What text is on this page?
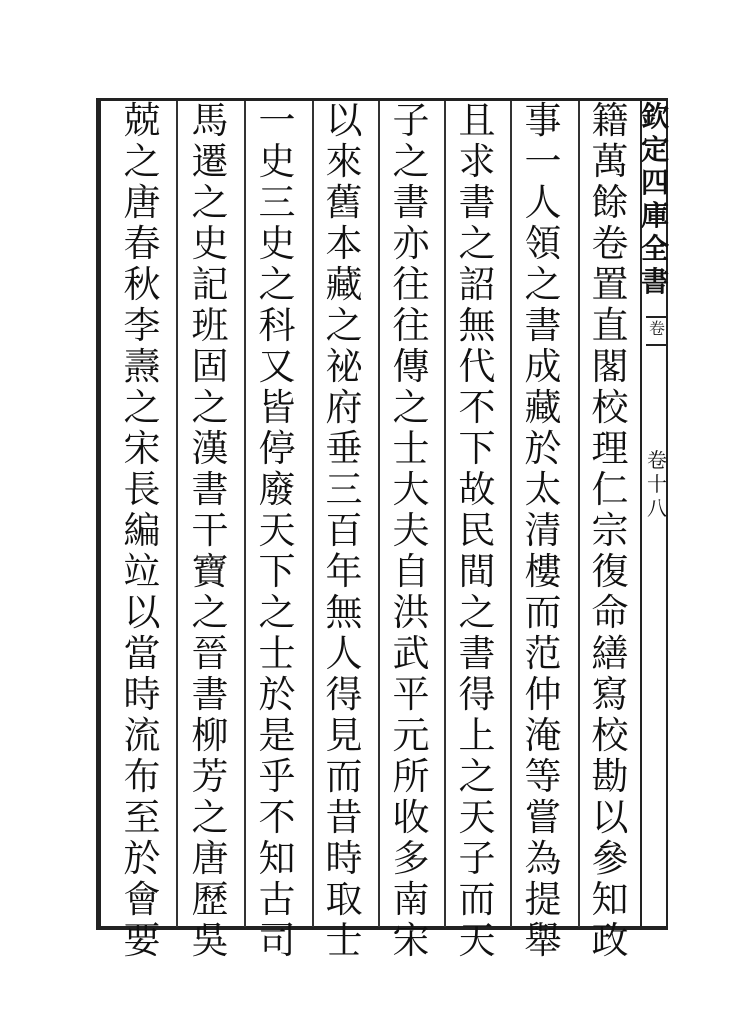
欽
定
四
庫
全
書
卷
卷
十
八
籍
萬
餘
卷
置
直
閣
校
理
仁
宗
復
命
繕
寫
校
勘
以
參
知
政
事
一
人
領
之
書
成
藏
於
太
清
樓
而
范
仲
淹
等
嘗
為
提
舉
且
求
書
之
詔
無
代
不
下
故
民
間
之
書
得
上
之
天
子
而
天
子
之
書
亦
往
往
傳
之
士
大
夫
自
洪
武
平
元
所
收
多
南
宋
以
來
舊
本
藏
之
祕
府
垂
三
百
年
無
人
得
見
而
昔
時
取
士
一
史
三
史
之
科
又
皆
停
廢
天
下
之
士
於
是
乎
不
知
古
司
馬
遷
之
史
記
班
固
之
漢
書
干
寶
之
晉
書
柳
芳
之
唐
歷
吳
兢
之
唐
春
秋
李
燾
之
宋
長
編
竝
以
當
時
流
布
至
於
會
要
